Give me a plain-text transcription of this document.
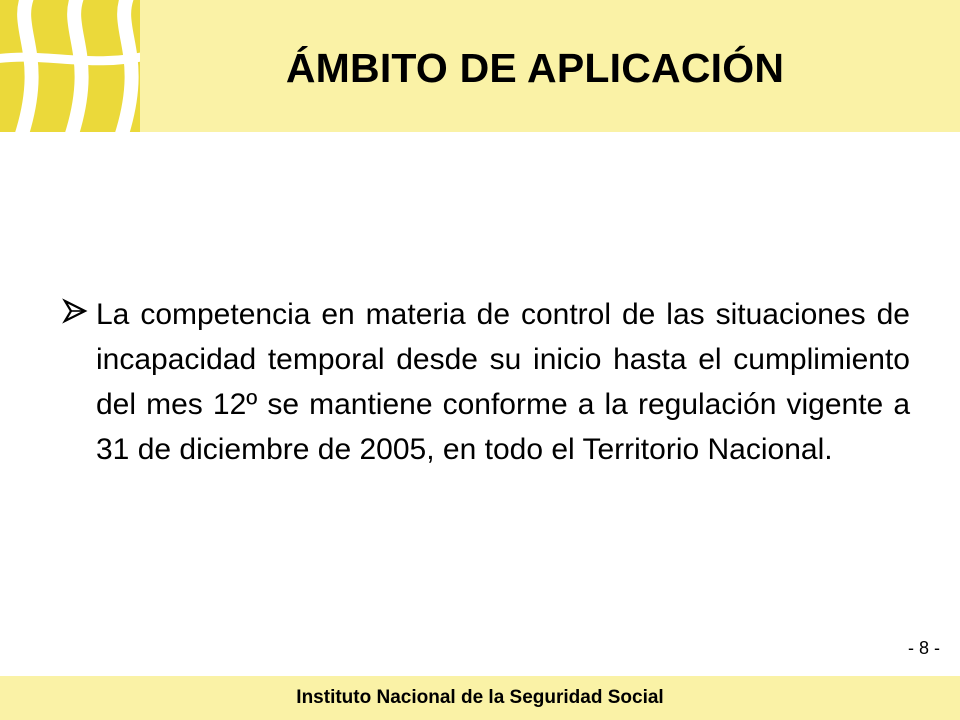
ÁMBITO DE APLICACIÓN
La competencia en materia de control de las situaciones de incapacidad temporal desde su inicio hasta el cumplimiento del mes 12º se mantiene conforme a la regulación vigente a 31 de diciembre de 2005, en todo el Territorio Nacional.
- 8 -
Instituto Nacional de la Seguridad Social
